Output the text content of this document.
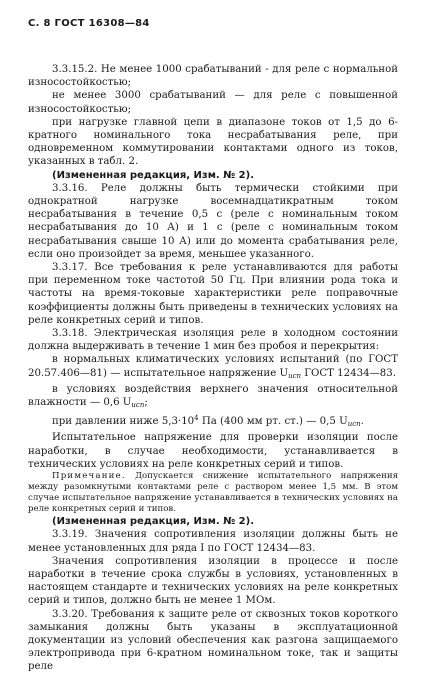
С. 8 ГОСТ 16308—84

3.3.15.2. Не менее 1000 срабатываний - для реле с нормальной износостойкостью;

не менее 3000 срабатываний — для реле с повышенной износостойкостью;

при нагрузке главной цепи в диапазоне токов от 1,5 до 6-кратного номинального тока несрабатывания реле, при одновременном коммутировании контактами одного из токов, указанных в табл. 2.

(Измененная редакция, Изм. № 2).

3.3.16. Реле должны быть термически стойкими при однократной нагрузке восемнадцатикратным током несрабатывания в течение 0,5 с (реле с номинальным током несрабатывания до 10 А) и 1 с (реле с номинальным током несрабатывания свыше 10 А) или до момента срабатывания реле, если оно произойдет за время, меньшее указанного.

3.3.17. Все требования к реле устанавливаются для работы при переменном токе частотой 50 Гц. При влиянии рода тока и частоты на время-токовые характеристики реле поправочные коэффициенты должны быть приведены в технических условиях на реле конкретных серий и типов.

3.3.18. Электрическая изоляция реле в холодном состоянии должна выдерживать в течение 1 мин без пробоя и перекрытия:

в нормальных климатических условиях испытаний (по ГОСТ 20.57.406—81) — испытательное напряжение $U_{исп}$ ГОСТ 12434—83.

в условиях воздействия верхнего значения относительной влажности — 0,6 $U_{исп}$;

при давлении ниже $5,3\cdot 10^4$ Па (400 мм рт. ст.) — 0,5 $U_{исп}$.

Испытательное напряжение для проверки изоляции после наработки, в случае необходимости, устанавливается в технических условиях на реле конкретных серий и типов.

Примечание. Допускается снижение испытательного напряжения между разомкнутыми контактами реле с раствором менее 1,5 мм. В этом случае испытательное напряжение устанавливается в технических условиях на реле конкретных серий и типов.

(Измененная редакция, Изм. № 2).

3.3.19. Значения сопротивления изоляции должны быть не менее установленных для ряда I по ГОСТ 12434—83.

Значения сопротивления изоляции в процессе и после наработки в течение срока службы в условиях, установленных в настоящем стандарте и технических условиях на реле конкретных серий и типов, должно быть не менее 1 МОм.

3.3.20. Требования к защите реле от сквозных токов короткого замыкания должны быть указаны в эксплуатационной документации из условий обеспечения как разгона защищаемого электропривода при 6-кратном номинальном токе, так и защиты реле
